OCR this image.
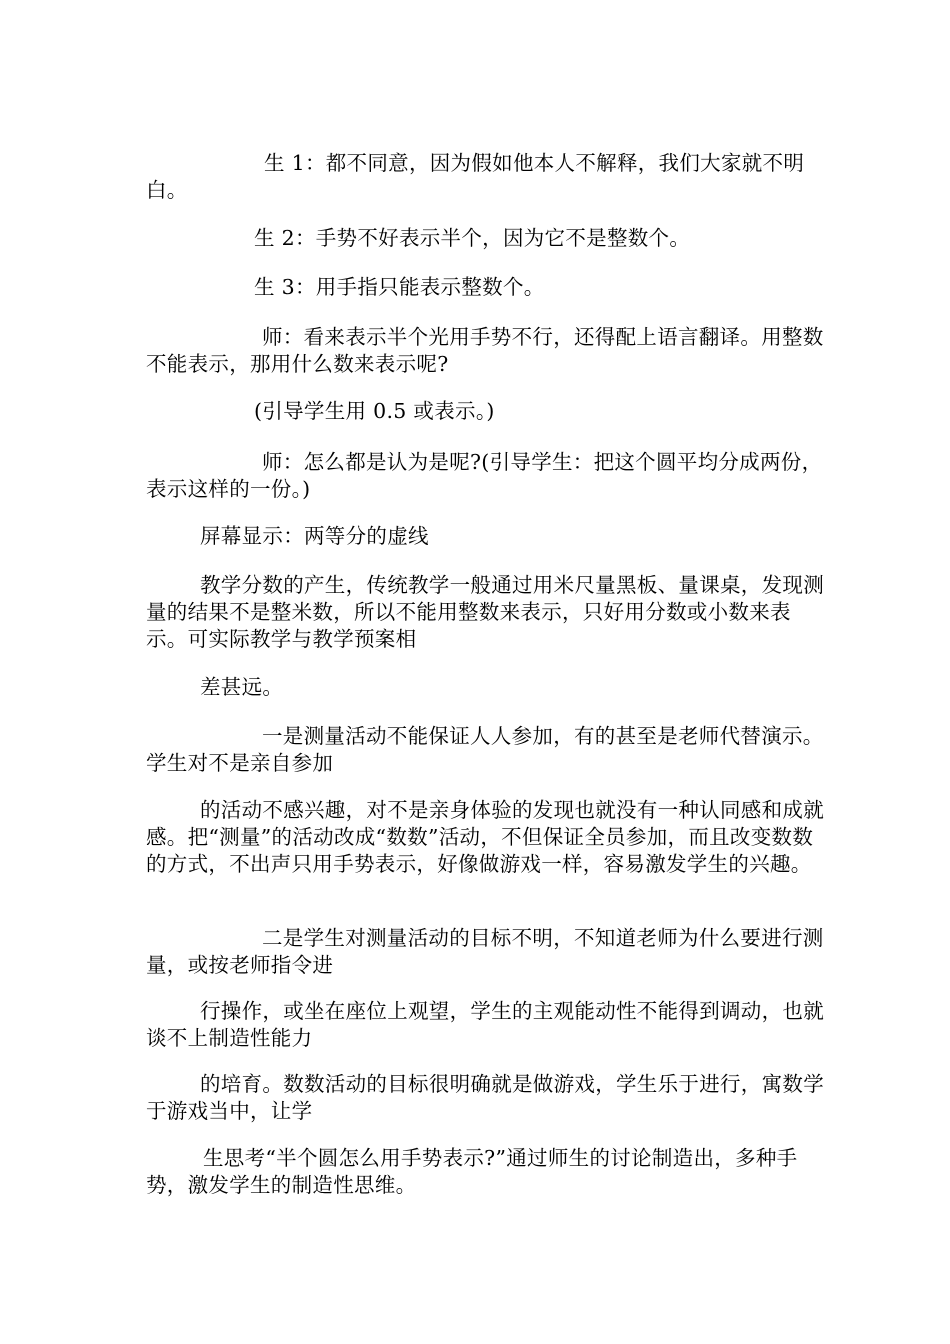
生 1：都不同意，因为假如他本人不解释，我们大家就不明白。

生 2：手势不好表示半个，因为它不是整数个。

生 3：用手指只能表示整数个。

师：看来表示半个光用手势不行，还得配上语言翻译。用整数不能表示，那用什么数来表示呢?

(引导学生用 0.5 或表示。)

师：怎么都是认为是呢?(引导学生：把这个圆平均分成两份，表示这样的一份。)

屏幕显示：两等分的虚线

教学分数的产生，传统教学一般通过用米尺量黑板、量课桌，发现测量的结果不是整米数，所以不能用整数来表示，只好用分数或小数来表示。可实际教学与教学预案相

差甚远。

一是测量活动不能保证人人参加，有的甚至是老师代替演示。学生对不是亲自参加

的活动不感兴趣，对不是亲身体验的发现也就没有一种认同感和成就感。把“测量”的活动改成“数数”活动，不但保证全员参加，而且改变数数的方式，不出声只用手势表示，好像做游戏一样，容易激发学生的兴趣。

二是学生对测量活动的目标不明，不知道老师为什么要进行测量，或按老师指令进

行操作，或坐在座位上观望，学生的主观能动性不能得到调动，也就谈不上制造性能力

的培育。数数活动的目标很明确就是做游戏，学生乐于进行，寓数学于游戏当中，让学

生思考“半个圆怎么用手势表示?”通过师生的讨论制造出，多种手势，激发学生的制造性思维。
